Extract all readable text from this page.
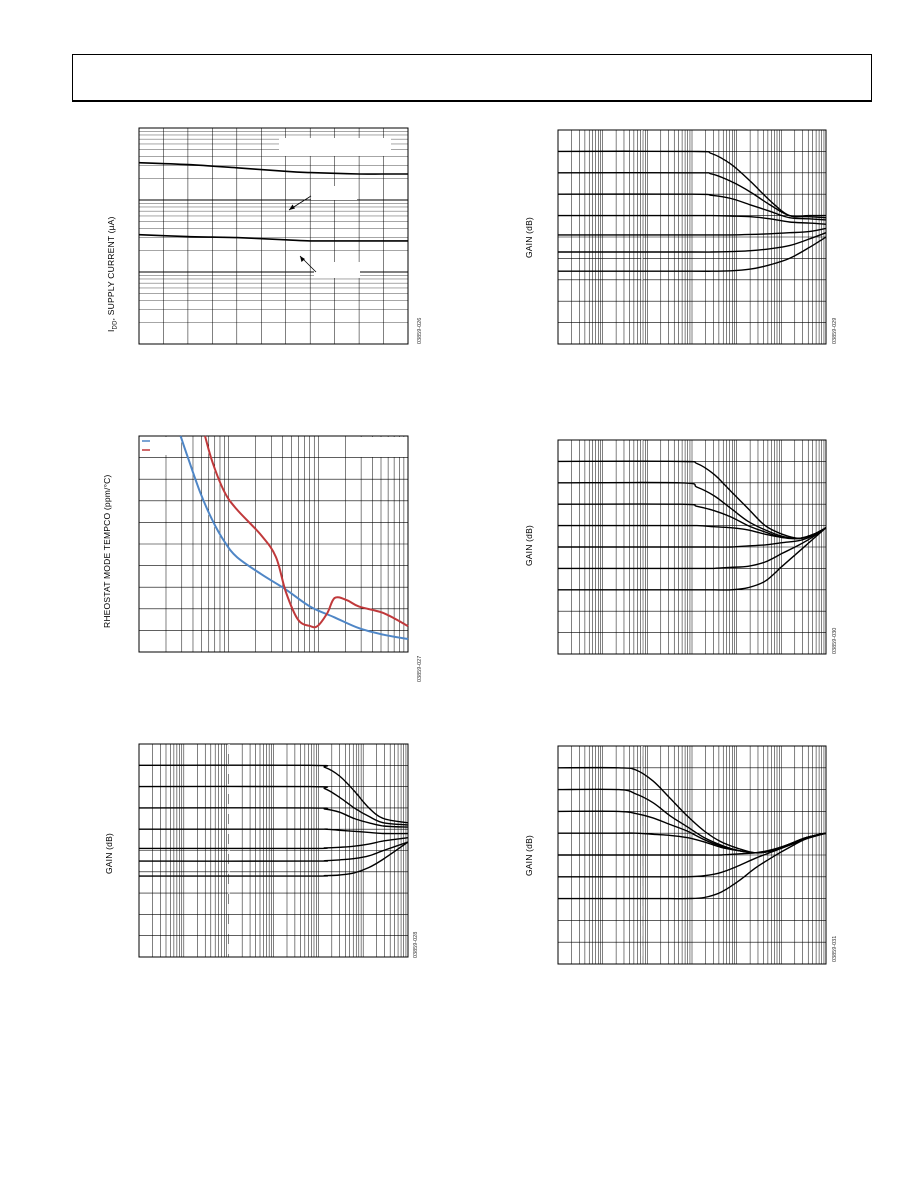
$I_{DD}$, SUPPLY CURRENT (µA)
03859-026
RHEOSTAT MODE TEMPCO (ppm/°C)
03859-027
GAIN (dB)
03859-028
GAIN (dB)
03859-029
GAIN (dB)
03859-030
GAIN (dB)
03859-031
